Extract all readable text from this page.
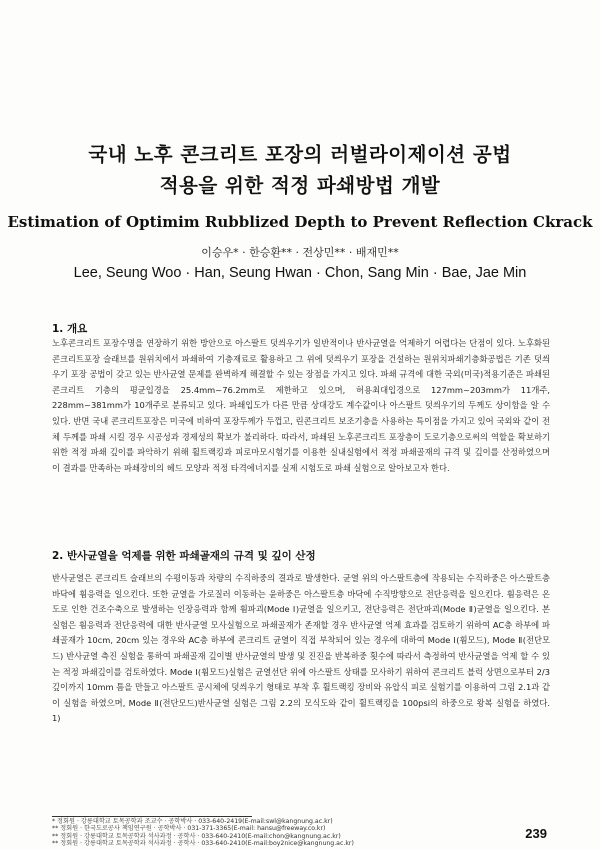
국내 노후 콘크리트 포장의 러벌라이제이션 공법
적용을 위한 적정 파쇄방법 개발
Estimation of Optimim Rubblized Depth to Prevent Reflection Ckrack
이승우* · 한승환** · 전상민** · 배재민**
Lee, Seung Woo · Han, Seung Hwan · Chon, Sang Min · Bae, Jae Min
1. 개요
노후콘크리트 포장수명을 연장하기 위한 방안으로 아스팔트 덧씌우기가 일반적이나 반사균열을 억제하기 어렵다는 단점이 있다. 노후화된 콘크리트포장 슬래브를 원위치에서 파쇄하여 기층재료로 활용하고 그 위에 덧씌우기 포장을 건설하는 원위치파쇄기층화공법은 기존 덧씌우기 포장 공법이 갖고 있는 반사균열 문제를 완벽하게 해결할 수 있는 장점을 가지고 있다. 파쇄 규격에 대한 국외(미국)적용기준은 파쇄된 콘크리트 기층의 평균입경을 25.4mm~76.2mm로 제한하고 있으며, 허용최대입경으로 127mm~203mm가 11개주, 228mm~381mm가 10개주로 분류되고 있다. 파쇄입도가 다른 만큼 상대강도 계수값이나 아스팔트 덧씌우기의 두께도 상이함을 알 수 있다. 반면 국내 콘크리트포장은 미국에 비하여 포장두께가 두껍고, 린콘크리트 보조기층을 사용하는 특이점을 가지고 있어 국외와 같이 전체 두께를 파쇄 시킬 경우 시공성과 경제성의 확보가 불리하다. 따라서, 파쇄된 노후콘크리트 포장층이 도로기층으로써의 역할을 확보하기 위한 적정 파쇄 깊이를 파악하기 위해 휠트랙킹과 피로마모시험기를 이용한 실내실험에서 적정 파쇄골재의 규격 및 깊이를 산정하였으며 이 결과를 만족하는 파쇄장비의 헤드 모양과 적정 타격에너지를 실제 시험도로 파쇄 실험으로 알아보고자 한다.
2. 반사균열을 억제를 위한 파쇄골재의 규격 및 깊이 산정
반사균열은 콘크리트 슬래브의 수평이동과 차량의 수직하중의 결과로 발생한다. 균열 위의 아스팔트층에 작용되는 수직하중은 아스팔트층 바닥에 휨응력을 일으킨다. 또한 균열을 가로질러 이동하는 윤하중은 아스팔트층 바닥에 수직방향으로 전단응력을 일으킨다. 휨응력은 온도로 인한 건조수축으로 발생하는 인장응력과 함께 휨파괴(Mode Ⅰ)균열을 일으키고, 전단응력은 전단파괴(Mode Ⅱ)균열을 일으킨다. 본 실험은 휨응력과 전단응력에 대한 반사균열 모사실험으로 파쇄골재가 존재할 경우 반사균열 억제 효과를 검토하기 위하여 AC층 하부에 파쇄골재가 10cm, 20cm 있는 경우와 AC층 하부에 콘크리트 균열이 직접 부착되어 있는 경우에 대하여 Mode Ⅰ(휨모드), Mode Ⅱ(전단모드) 반사균열 측진 실험을 통하여 파쇄골재 깊이별 반사균열의 발생 및 진진을 반복하중 횟수에 따라서 측정하여 반사균열을 억제 할 수 있는 적정 파쇄깊이를 검토하였다. Mode Ⅰ(휨모드)실험은 균열선단 위에 아스팔트 상태를 모사하기 위하여 콘크리트 블럭 상면으로부터 2/3깊이까지 10mm 틈을 만들고 아스팔트 공시체에 덧씌우기 형태로 부착 후 휠트랙킹 장비와 유압식 피로 실험기를 이용하여 그림 2.1과 같이 실험을 하였으며, Mode Ⅱ(전단모드)반사균열 실험은 그림 2.2의 모식도와 같이 휠트랙킹을 100psi의 하중으로 왕복 실험을 하였다. 1)
* 정회원 · 강릉대학교 토목공학과 조교수 · 공학박사 · 033-640-2419(E-mail:swl@kangnung.ac.kr)
** 정회원 · 한국도로공사 책임연구원 · 공학박사 · 031-371-3365(E-mail: hansu@freeway.co.kr)
** 정회원 · 강릉대학교 토목공학과 석사과정 · 공학사 · 033-640-2410(E-mail:chon@kangnung.ac.kr)
** 정회원 · 강릉대학교 토목공학과 석사과정 · 공학사 · 033-640-2410(E-mail:boy2nice@kangnung.ac.kr)
239
